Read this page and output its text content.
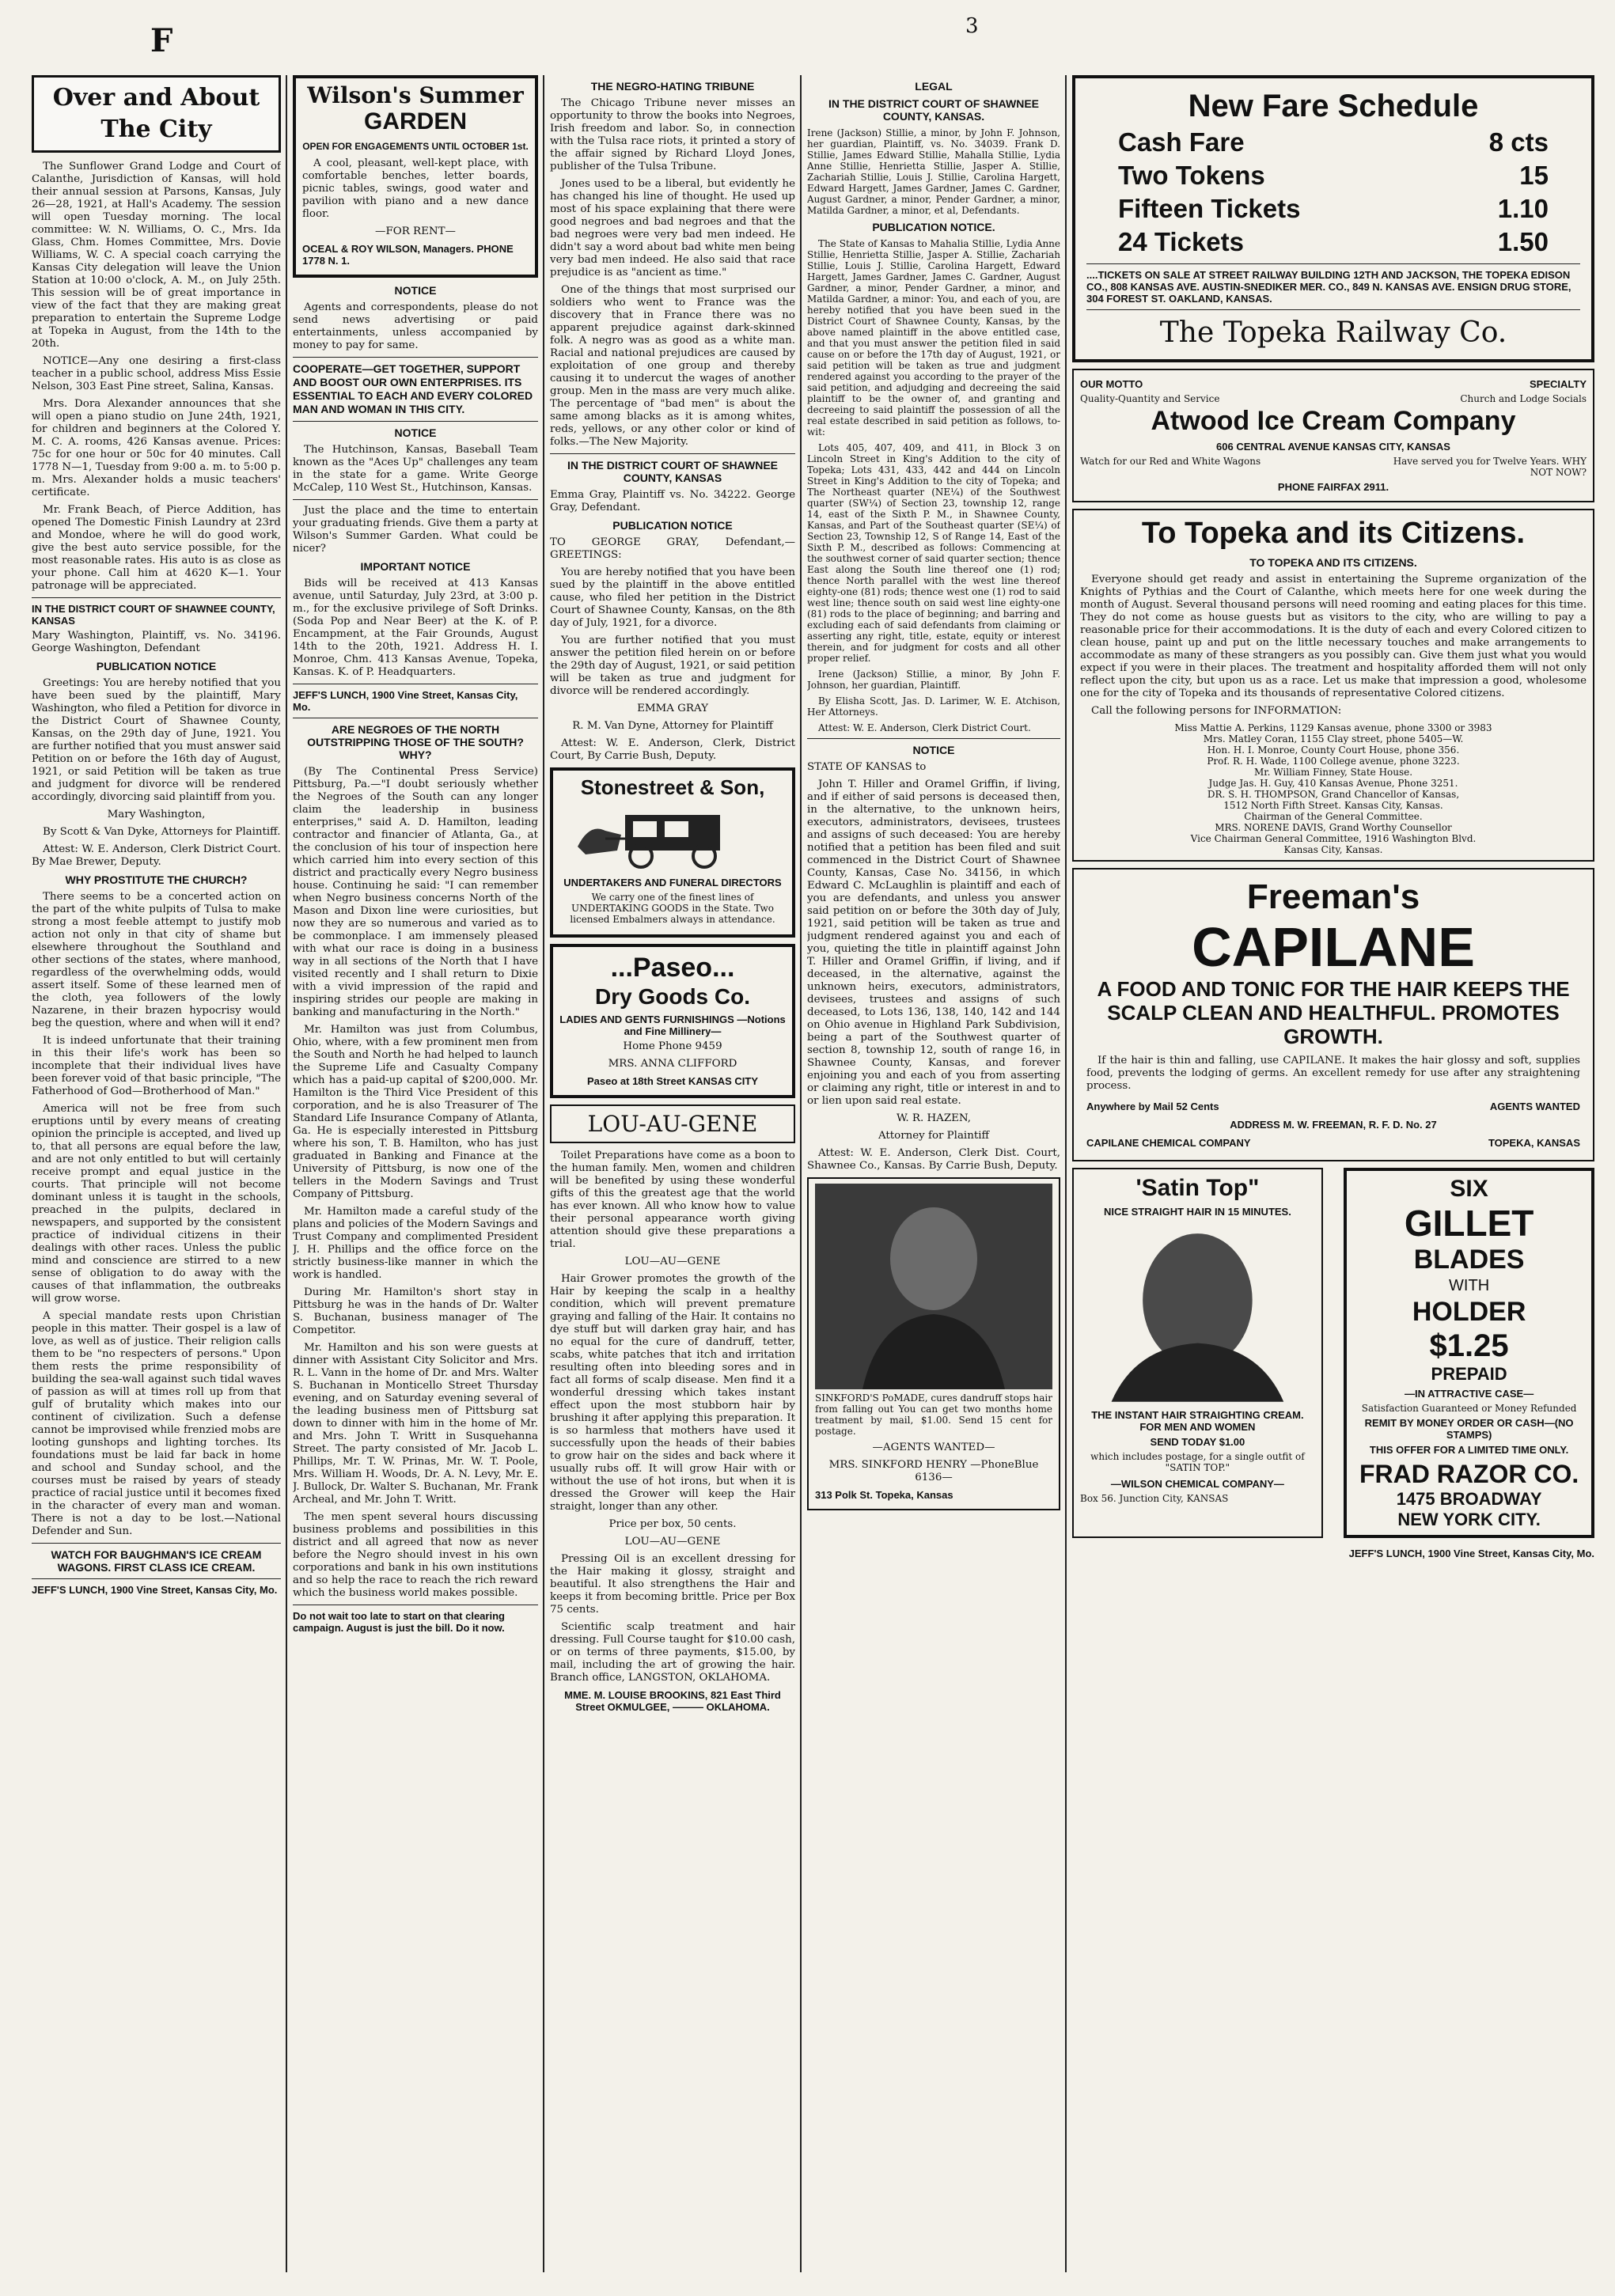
F	3
Over and About The City

The Sunflower Grand Lodge and Court of Calanthe, Jurisdiction of Kansas, will hold their annual session at Parsons, Kansas, July 26—28, 1921, at Hall's Academy. The session will open Tuesday morning. The local committee: W. N. Williams, O. C., Mrs. Ida Glass, Chm. Homes Committee, Mrs. Dovie Williams, W. C. A special coach carrying the Kansas City delegation will leave the Union Station at 10:00 o'clock, A. M., on July 25th. This session will be of great importance in view of the fact that they are making great preparation to entertain the Supreme Lodge at Topeka in August, from the 14th to the 20th.

NOTICE—Any one desiring a first-class teacher in a public school, address Miss Essie Nelson, 303 East Pine street, Salina, Kansas.

Mrs. Dora Alexander announces that she will open a piano studio on June 24th, 1921, for children and beginners at the Colored Y. M. C. A. rooms, 426 Kansas avenue. Prices: 75c for one hour or 50c for 40 minutes. Call 1778 N—1, Tuesday from 9:00 a. m. to 5:00 p. m. Mrs. Alexander holds a music teachers' certificate.

Mr. Frank Beach, of Pierce Addition, has opened The Domestic Finish Laundry at 23rd and Mondoe, where he will do good work, give the best auto service possible, for the most reasonable rates. His auto is as close as your phone. Call him at 4620 K—1. Your patronage will be appreciated.

IN THE DISTRICT COURT OF SHAWNEE COUNTY, KANSAS

Mary Washington, Plaintiff, vs. No. 34196. George Washington, Defendant

PUBLICATION NOTICE

Greetings: You are hereby notified that you have been sued by the plaintiff, Mary Washington, who filed a Petition for divorce in the District Court of Shawnee County, Kansas, on the 29th day of June, 1921. You are further notified that you must answer said Petition on or before the 16th day of August, 1921, or said Petition will be taken as true and judgment for divorce will be rendered accordingly, divorcing said plaintiff from you.

Mary Washington,

By Scott & Van Dyke, Attorneys for Plaintiff.

Attest: W. E. Anderson, Clerk District Court. By Mae Brewer, Deputy.

WHY PROSTITUTE THE CHURCH?

There seems to be a concerted action on the part of the white pulpits of Tulsa to make strong a most feeble attempt to justify mob action not only in that city of shame but elsewhere throughout the Southland and other sections of the states, where manhood, regardless of the overwhelming odds, would assert itself. Some of these learned men of the cloth, yea followers of the lowly Nazarene, in their brazen hypocrisy would beg the question, where and when will it end?

It is indeed unfortunate that their training in this their life's work has been so incomplete that their individual lives have been forever void of that basic principle, "The Fatherhood of God—Brotherhood of Man."

America will not be free from such eruptions until by every means of creating opinion the principle is accepted, and lived up to, that all persons are equal before the law, and are not only entitled to but will certainly receive prompt and equal justice in the courts. That principle will not become dominant unless it is taught in the schools, preached in the pulpits, declared in newspapers, and supported by the consistent practice of individual citizens in their dealings with other races. Unless the public mind and conscience are stirred to a new sense of obligation to do away with the causes of that inflammation, the outbreaks will grow worse.

A special mandate rests upon Christian people in this matter. Their gospel is a law of love, as well as of justice. Their religion calls them to be "no respecters of persons." Upon them rests the prime responsibility of building the sea-wall against such tidal waves of passion as will at times roll up from that gulf of brutality which makes into our continent of civilization. Such a defense cannot be improvised while frenzied mobs are looting gunshops and lighting torches. Its foundations must be laid far back in home and school and Sunday school, and the courses must be raised by years of steady practice of racial justice until it becomes fixed in the character of every man and woman. There is not a day to be lost.—National Defender and Sun.

WATCH FOR BAUGHMAN'S ICE CREAM WAGONS. FIRST CLASS ICE CREAM.
JEFF'S LUNCH, 1900 Vine Street, Kansas City, Mo.
Wilson's Summer
GARDEN
OPEN FOR ENGAGEMENTS UNTIL OCTOBER 1st.

A cool, pleasant, well-kept place, with comfortable benches, letter boards, picnic tables, swings, good water and pavilion with piano and a new dance floor.

—FOR RENT—

OCEAL & ROY WILSON, Managers. PHONE 1778 N. 1.
NOTICE

Agents and correspondents, please do not send news advertising or paid entertainments, unless accompanied by money to pay for same.

COOPERATE—GET TOGETHER, SUPPORT AND BOOST OUR OWN ENTERPRISES. ITS ESSENTIAL TO EACH AND EVERY COLORED MAN AND WOMAN IN THIS CITY.
NOTICE

The Hutchinson, Kansas, Baseball Team known as the "Aces Up" challenges any team in the state for a game. Write George McCalep, 110 West St., Hutchinson, Kansas.

Just the place and the time to entertain your graduating friends. Give them a party at Wilson's Summer Garden. What could be nicer?

IMPORTANT NOTICE

Bids will be received at 413 Kansas avenue, until Saturday, July 23rd, at 3:00 p. m., for the exclusive privilege of Soft Drinks. (Soda Pop and Near Beer) at the K. of P. Encampment, at the Fair Grounds, August 14th to the 20th, 1921. Address H. I. Monroe, Chm. 413 Kansas Avenue, Topeka, Kansas. K. of P. Headquarters.

JEFF'S LUNCH, 1900 Vine Street, Kansas City, Mo.
ARE NEGROES OF THE NORTH OUTSTRIPPING THOSE OF THE SOUTH? WHY?

(By The Continental Press Service) Pittsburg, Pa.—"I doubt seriously whether the Negroes of the South can any longer claim the leadership in business enterprises," said A. D. Hamilton, leading contractor and financier of Atlanta, Ga., at the conclusion of his tour of inspection here which carried him into every section of this district and practically every Negro business house. Continuing he said: "I can remember when Negro business concerns North of the Mason and Dixon line were curiosities, but now they are so numerous and varied as to be commonplace. I am immensely pleased with what our race is doing in a business way in all sections of the North that I have visited recently and I shall return to Dixie with a vivid impression of the rapid and inspiring strides our people are making in banking and manufacturing in the North."

Mr. Hamilton was just from Columbus, Ohio, where, with a few prominent men from the South and North he had helped to launch the Supreme Life and Casualty Company which has a paid-up capital of $200,000. Mr. Hamilton is the Third Vice President of this corporation, and he is also Treasurer of The Standard Life Insurance Company of Atlanta, Ga. He is especially interested in Pittsburg where his son, T. B. Hamilton, who has just graduated in Banking and Finance at the University of Pittsburg, is now one of the tellers in the Modern Savings and Trust Company of Pittsburg.

Mr. Hamilton made a careful study of the plans and policies of the Modern Savings and Trust Company and complimented President J. H. Phillips and the office force on the strictly business-like manner in which the work is handled.

During Mr. Hamilton's short stay in Pittsburg he was in the hands of Dr. Walter S. Buchanan, business manager of The Competitor.

Mr. Hamilton and his son were guests at dinner with Assistant City Solicitor and Mrs. R. L. Vann in the home of Dr. and Mrs. Walter S. Buchanan in Monticello Street Thursday evening, and on Saturday evening several of the leading business men of Pittsburg sat down to dinner with him in the home of Mr. and Mrs. John T. Writt in Susquehanna Street. The party consisted of Mr. Jacob L. Phillips, Mr. T. W. Prinas, Mr. W. T. Poole, Mrs. William H. Woods, Dr. A. N. Levy, Mr. E. J. Bullock, Dr. Walter S. Buchanan, Mr. Frank Archeal, and Mr. John T. Writt.

The men spent several hours discussing business problems and possibilities in this district and all agreed that now as never before the Negro should invest in his own corporations and bank in his own institutions and so help the race to reach the rich reward which the business world makes possible.

Do not wait too late to start on that clearing campaign. August is just the bill. Do it now.
THE NEGRO-HATING TRIBUNE

The Chicago Tribune never misses an opportunity to throw the books into Negroes, Irish freedom and labor. So, in connection with the Tulsa race riots, it printed a story of the affair signed by Richard Lloyd Jones, publisher of the Tulsa Tribune.

Jones used to be a liberal, but evidently he has changed his line of thought. He used up most of his space explaining that there were good negroes and bad negroes and that the bad negroes were very bad men indeed. He didn't say a word about bad white men being very bad men indeed. He also said that race prejudice is as "ancient as time."

One of the things that most surprised our soldiers who went to France was the discovery that in France there was no apparent prejudice against dark-skinned folk. A negro was as good as a white man. Racial and national prejudices are caused by exploitation of one group and thereby causing it to undercut the wages of another group. Men in the mass are very much alike. The percentage of "bad men" is about the same among blacks as it is among whites, reds, yellows, or any other color or kind of folks.—The New Majority.

IN THE DISTRICT COURT OF SHAWNEE COUNTY, KANSAS

Emma Gray, Plaintiff vs. No. 34222. George Gray, Defendant.

PUBLICATION NOTICE

TO GEORGE GRAY, Defendant,—GREETINGS:

You are hereby notified that you have been sued by the plaintiff in the above entitled cause, who filed her petition in the District Court of Shawnee County, Kansas, on the 8th day of July, 1921, for a divorce.

You are further notified that you must answer the petition filed herein on or before the 29th day of August, 1921, or said petition will be taken as true and judgment for divorce will be rendered accordingly.

EMMA GRAY

R. M. Van Dyne, Attorney for Plaintiff

Attest: W. E. Anderson, Clerk, District Court, By Carrie Bush, Deputy.

Stonestreet & Son,
UNDERTAKERS AND FUNERAL DIRECTORS

We carry one of the finest lines of UNDERTAKING GOODS in the State. Two licensed Embalmers always in attendance.

...Paseo...
Dry Goods Co.
LADIES AND GENTS FURNISHINGS —Notions and Fine Millinery—

Home Phone 9459

MRS. ANNA CLIFFORD

Paseo at 18th Street KANSAS CITY
LOU-AU-GENE

Toilet Preparations have come as a boon to the human family. Men, women and children will be benefited by using these wonderful gifts of this the greatest age that the world has ever known. All who know how to value their personal appearance worth giving attention should give these preparations a trial.

LOU—AU—GENE

Hair Grower promotes the growth of the Hair by keeping the scalp in a healthy condition, which will prevent premature graying and falling of the Hair. It contains no dye stuff but will darken gray hair, and has no equal for the cure of dandruff, tetter, scabs, white patches that itch and irritation resulting often into bleeding sores and in fact all forms of scalp disease. Men find it a wonderful dressing which takes instant effect upon the most stubborn hair by brushing it after applying this preparation. It is so harmless that mothers have used it successfully upon the heads of their babies to grow hair on the sides and back where it usually rubs off. It will grow Hair with or without the use of hot irons, but when it is dressed the Grower will keep the Hair straight, longer than any other.

Price per box, 50 cents.

LOU—AU—GENE

Pressing Oil is an excellent dressing for the Hair making it glossy, straight and beautiful. It also strengthens the Hair and keeps it from becoming brittle. Price per Box 75 cents.

Scientific scalp treatment and hair dressing. Full Course taught for $10.00 cash, or on terms of three payments, $15.00, by mail, including the art of growing the hair. Branch office, LANGSTON, OKLAHOMA.

MME. M. LOUISE BROOKINS, 821 East Third Street OKMULGEE, ——— OKLAHOMA.
LEGAL
IN THE DISTRICT COURT OF SHAWNEE COUNTY, KANSAS.

Irene (Jackson) Stillie, a minor, by John F. Johnson, her guardian, Plaintiff, vs. No. 34039. Frank D. Stillie, James Edward Stillie, Mahalla Stillie, Lydia Anne Stillie, Henrietta Stillie, Jasper A. Stillie, Zachariah Stillie, Louis J. Stillie, Carolina Hargett, Edward Hargett, James Gardner, James C. Gardner, August Gardner, a minor, Pender Gardner, a minor, Matilda Gardner, a minor, et al, Defendants.

PUBLICATION NOTICE.

The State of Kansas to Mahalia Stillie, Lydia Anne Stillie, Henrietta Stillie, Jasper A. Stillie, Zachariah Stillie, Louis J. Stillie, Carolina Hargett, Edward Hargett, James Gardner, James C. Gardner, August Gardner, a minor, Pender Gardner, a minor, and Matilda Gardner, a minor: You, and each of you, are hereby notified that you have been sued in the District Court of Shawnee County, Kansas, by the above named plaintiff in the above entitled case, and that you must answer the petition filed in said cause on or before the 17th day of August, 1921, or said petition will be taken as true and judgment rendered against you according to the prayer of the said petition, and adjudging and decreeing the said plaintiff to be the owner of, and granting and decreeing to said plaintiff the possession of all the real estate described in said petition as follows, to-wit:

Lots 405, 407, 409, and 411, in Block 3 on Lincoln Street in King's Addition to the city of Topeka; Lots 431, 433, 442 and 444 on Lincoln Street in King's Addition to the city of Topeka; and The Northeast quarter (NE¼) of the Southwest quarter (SW¼) of Section 23, township 12, range 14, east of the Sixth P. M., in Shawnee County, Kansas, and Part of the Southeast quarter (SE¼) of Section 23, Township 12, S of Range 14, East of the Sixth P. M., described as follows: Commencing at the southwest corner of said quarter section; thence East along the South line thereof one (1) rod; thence North parallel with the west line thereof eighty-one (81) rods; thence west one (1) rod to said west line; thence south on said west line eighty-one (81) rods to the place of beginning; and barring and excluding each of said defendants from claiming or asserting any right, title, estate, equity or interest therein, and for judgment for costs and all other proper relief.

Irene (Jackson) Stillie, a minor, By John F. Johnson, her guardian, Plaintiff.

By Elisha Scott, Jas. D. Larimer, W. E. Atchison, Her Attorneys.

Attest: W. E. Anderson, Clerk District Court.

NOTICE

STATE OF KANSAS to

John T. Hiller and Oramel Griffin, if living, and if either of said persons is deceased then, in the alternative, to the unknown heirs, executors, administrators, devisees, trustees and assigns of such deceased: You are hereby notified that a petition has been filed and suit commenced in the District Court of Shawnee County, Kansas, Case No. 34156, in which Edward C. McLaughlin is plaintiff and each of you are defendants, and unless you answer said petition on or before the 30th day of July, 1921, said petition will be taken as true and judgment rendered against you and each of you, quieting the title in plaintiff against John T. Hiller and Oramel Griffin, if living, and if deceased, in the alternative, against the unknown heirs, executors, administrators, devisees, trustees and assigns of such deceased, to Lots 136, 138, 140, 142 and 144 on Ohio avenue in Highland Park Subdivision, being a part of the Southwest quarter of section 8, township 12, south of range 16, in Shawnee County, Kansas, and forever enjoining you and each of you from asserting or claiming any right, title or interest in and to or lien upon said real estate.

W. R. HAZEN,

Attorney for Plaintiff

Attest: W. E. Anderson, Clerk Dist. Court, Shawnee Co., Kansas. By Carrie Bush, Deputy.

SINKFORD'S PoMADE, cures dandruff stops hair from falling out You can get two months home treatment by mail, $1.00. Send 15 cent for postage.

—AGENTS WANTED—

MRS. SINKFORD HENRY —PhoneBlue 6136—

313 Polk St. Topeka, Kansas
New Fare Schedule
Cash Fare	8 cts
Two Tokens	15
Fifteen Tickets	1.10
24 Tickets	1.50
....TICKETS ON SALE AT STREET RAILWAY BUILDING 12TH AND JACKSON, THE TOPEKA EDISON CO., 808 KANSAS AVE. AUSTIN-SNEDIKER MER. CO., 849 N. KANSAS AVE. ENSIGN DRUG STORE, 304 FOREST ST. OAKLAND, KANSAS.
The Topeka Railway Co.
OUR MOTTO
Quality-Quantity and Service
SPECIALTY
Church and Lodge Socials
Atwood Ice Cream Company
606 CENTRAL AVENUE KANSAS CITY, KANSAS
Watch for our Red and White Wagons	Have served you for Twelve Years. WHY NOT NOW?
PHONE FAIRFAX 2911.
To Topeka and its Citizens.
TO TOPEKA AND ITS CITIZENS.

Everyone should get ready and assist in entertaining the Supreme organization of the Knights of Pythias and the Court of Calanthe, which meets here for one week during the month of August. Several thousand persons will need rooming and eating places for this time. They do not come as house guests but as visitors to the city, who are willing to pay a reasonable price for their accommodations. It is the duty of each and every Colored citizen to clean house, paint up and put on the little necessary touches and make arrangements to accommodate as many of these strangers as you possibly can. Give them just what you would expect if you were in their places. The treatment and hospitality afforded them will not only reflect upon the city, but upon us as a race. Let us make that impression a good, wholesome one for the city of Topeka and its thousands of representative Colored citizens.

Call the following persons for INFORMATION:

Miss Mattie A. Perkins, 1129 Kansas avenue, phone 3300 or 3983
Mrs. Matley Coran, 1155 Clay street, phone 5405—W.
Hon. H. I. Monroe, County Court House, phone 356.
Prof. R. H. Wade, 1100 College avenue, phone 3223.
Mr. William Finney, State House.
Judge Jas. H. Guy, 410 Kansas Avenue, Phone 3251.
DR. S. H. THOMPSON, Grand Chancellor of Kansas,
1512 North Fifth Street. Kansas City, Kansas.
Chairman of the General Committee.
MRS. NORENE DAVIS, Grand Worthy Counsellor
Vice Chairman General Committee, 1916 Washington Blvd.
Kansas City, Kansas.
Freeman's
CAPILANE
A FOOD AND TONIC FOR THE HAIR KEEPS THE SCALP CLEAN AND HEALTHFUL. PROMOTES GROWTH.

If the hair is thin and falling, use CAPILANE. It makes the hair glossy and soft, supplies food, prevents the lodging of germs. An excellent remedy for use after any straightening process.

Anywhere by Mail 52 Cents	AGENTS WANTED
ADDRESS M. W. FREEMAN, R. F. D. No. 27
CAPILANE CHEMICAL COMPANY	TOPEKA, KANSAS
'Satin Top"
NICE STRAIGHT HAIR IN 15 MINUTES.
THE INSTANT HAIR STRAIGHTING CREAM. FOR MEN AND WOMEN
SEND TODAY $1.00

which includes postage, for a single outfit of "SATIN TOP."

—WILSON CHEMICAL COMPANY—
Box 56. Junction City, KANSAS
SIX
GILLET
BLADES
WITH
HOLDER
$1.25
PREPAID
—IN ATTRACTIVE CASE—
Satisfaction Guaranteed or Money Refunded
REMIT BY MONEY ORDER OR CASH—(NO STAMPS)
THIS OFFER FOR A LIMITED TIME ONLY.
FRAD RAZOR CO.
1475 BROADWAY
NEW YORK CITY.
JEFF'S LUNCH, 1900 Vine Street, Kansas City, Mo.
